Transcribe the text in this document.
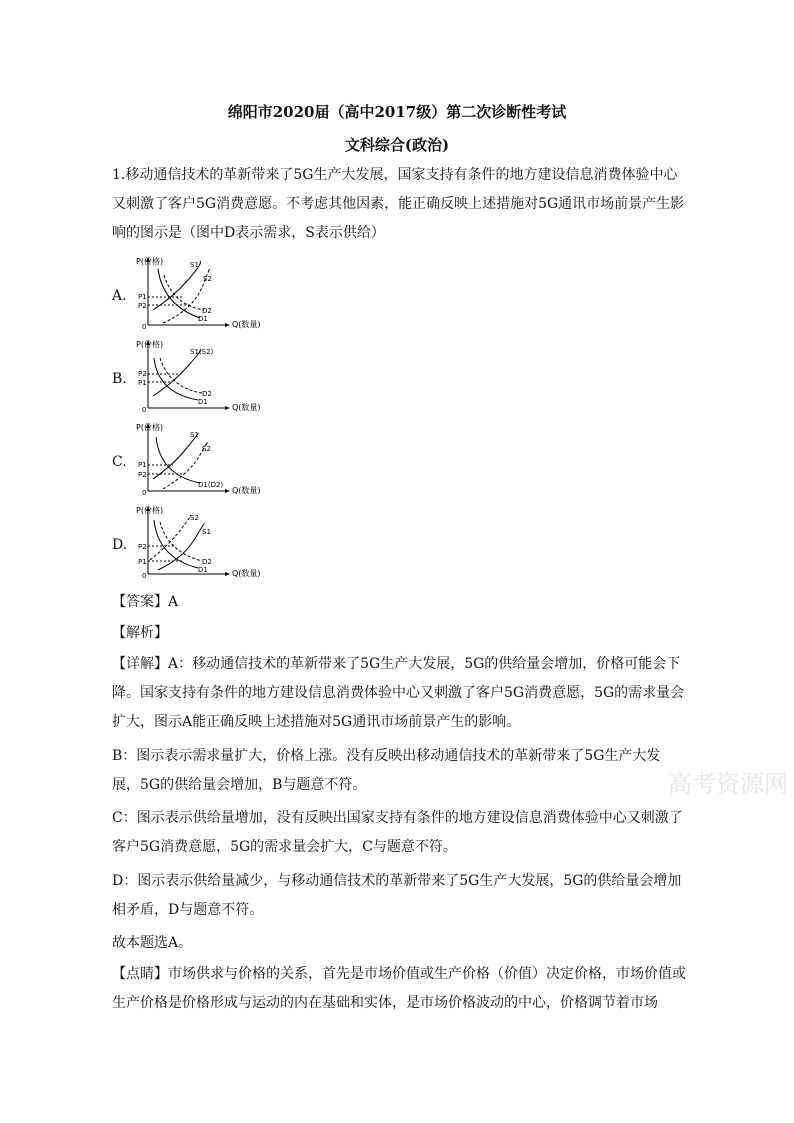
绵阳市2020届（高中2017级）第二次诊断性考试
文科综合(政治)

1.移动通信技术的革新带来了5G生产大发展，国家支持有条件的地方建设信息消费体验中心又刺激了客户5G消费意愿。不考虑其他因素，能正确反映上述措施对5G通讯市场前景产生影响的图示是（图中D表示需求，S表示供给）

A.
P(价格)
Q(数量)
0
P1
P2
S1
S2
D2
D1
B.
P(价格)
Q(数量)
0
P2
P1
S1(S2)
D2
D1
C.
P(价格)
Q(数量)
0
P1
P2
S1
S2
D1(D2)
D.
P(价格)
Q(数量)
0
P2
P1
S2
S1
D2
D1

【答案】A

【解析】

【详解】A：移动通信技术的革新带来了5G生产大发展，5G的供给量会增加，价格可能会下降。国家支持有条件的地方建设信息消费体验中心又刺激了客户5G消费意愿，5G的需求量会扩大，图示A能正确反映上述措施对5G通讯市场前景产生的影响。

B：图示表示需求量扩大，价格上涨。没有反映出移动通信技术的革新带来了5G生产大发展，5G的供给量会增加，B与题意不符。

C：图示表示供给量增加，没有反映出国家支持有条件的地方建设信息消费体验中心又刺激了客户5G消费意愿，5G的需求量会扩大，C与题意不符。

D：图示表示供给量减少，与移动通信技术的革新带来了5G生产大发展，5G的供给量会增加相矛盾，D与题意不符。

故本题选A。

【点睛】市场供求与价格的关系，首先是市场价值或生产价格（价值）决定价格，市场价值或生产价格是价格形成与运动的内在基础和实体，是市场价格波动的中心，价格调节着市场

高考资源网
